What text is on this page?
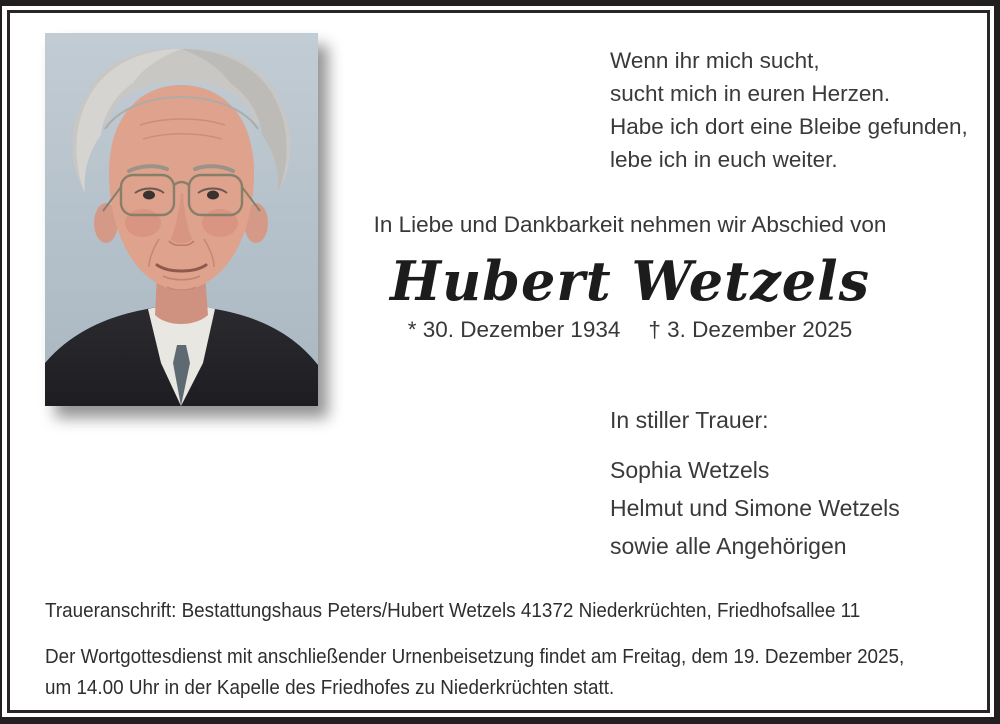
Wenn ihr mich sucht,
sucht mich in euren Herzen.
Habe ich dort eine Bleibe gefunden,
lebe ich in euch weiter.
In Liebe und Dankbarkeit nehmen wir Abschied von
Hubert Wetzels
* 30. Dezember 1934 † 3. Dezember 2025
In stiller Trauer:
Sophia Wetzels
Helmut und Simone Wetzels
sowie alle Angehörigen
Traueranschrift: Bestattungshaus Peters/Hubert Wetzels 41372 Niederkrüchten, Friedhofsallee 11
Der Wortgottesdienst mit anschließender Urnenbeisetzung findet am Freitag, dem 19. Dezember 2025,
um 14.00 Uhr in der Kapelle des Friedhofes zu Niederkrüchten statt.
